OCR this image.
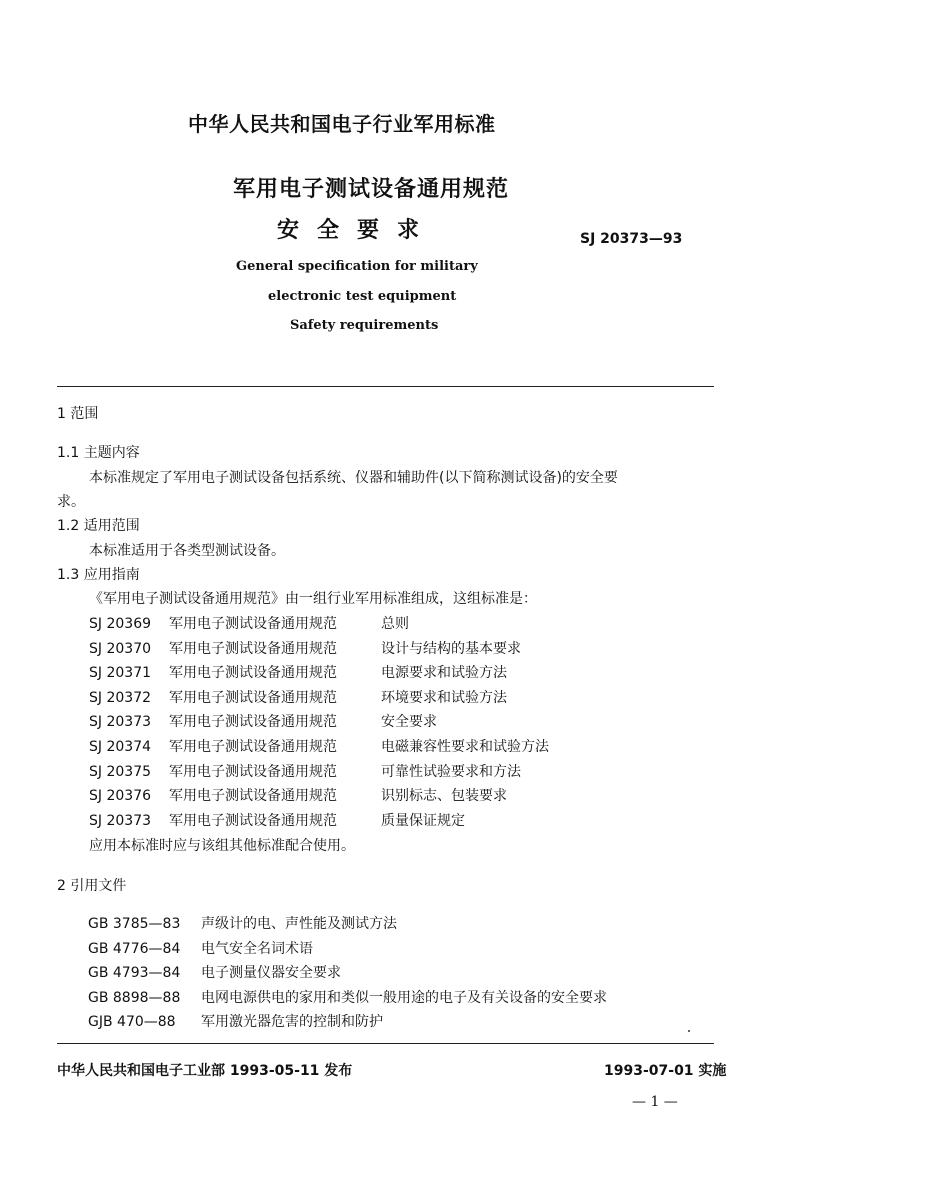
中华人民共和国电子行业军用标准
军用电子测试设备通用规范
安全要求	SJ 20373—93
General specification for military
electronic test equipment
Safety requirements
1 范围
1.1 主题内容
本标准规定了军用电子测试设备包括系统、仪器和辅助件(以下简称测试设备)的安全要
求。
1.2 适用范围
本标准适用于各类型测试设备。
1.3 应用指南
《军用电子测试设备通用规范》由一组行业军用标准组成，这组标准是：
SJ 20369 军用电子测试设备通用规范	总则
SJ 20370 军用电子测试设备通用规范	设计与结构的基本要求
SJ 20371 军用电子测试设备通用规范	电源要求和试验方法
SJ 20372 军用电子测试设备通用规范	环境要求和试验方法
SJ 20373 军用电子测试设备通用规范	安全要求
SJ 20374 军用电子测试设备通用规范	电磁兼容性要求和试验方法
SJ 20375 军用电子测试设备通用规范	可靠性试验要求和方法
SJ 20376 军用电子测试设备通用规范	识别标志、包装要求
SJ 20373 军用电子测试设备通用规范	质量保证规定
应用本标准时应与该组其他标准配合使用。
2 引用文件
GB 3785—83 声级计的电、声性能及测试方法
GB 4776—84 电气安全名词术语
GB 4793—84 电子测量仪器安全要求
GB 8898—88 电网电源供电的家用和类似一般用途的电子及有关设备的安全要求
GJB 470—88 军用激光器危害的控制和防护
中华人民共和国电子工业部 1993-05-11 发布	1993-07-01 实施
— 1 —
